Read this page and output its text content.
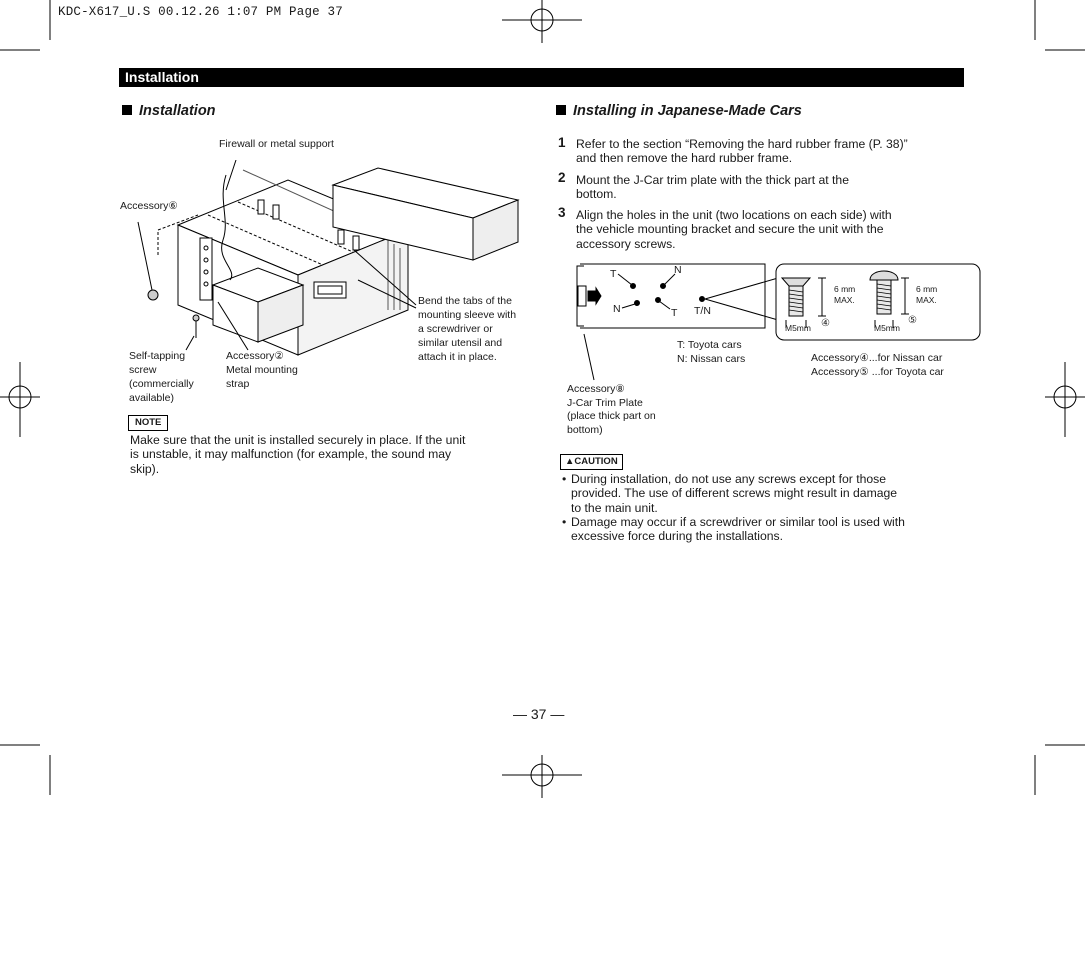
KDC-X617_U.S 00.12.26 1:07 PM Page 37
Installation
Installation
Firewall or metal support
Accessory⑥
Bend the tabs of the
mounting sleeve with
a screwdriver or
similar utensil and
attach it in place.
Self-tapping
screw
(commercially
available)
Accessory②
Metal mounting
strap
NOTE
Make sure that the unit is installed securely in place. If the unit
is unstable, it may malfunction (for example, the sound may
skip).
Installing in Japanese-Made Cars
1 Refer to the section “Removing the hard rubber frame (P. 38)”
and then remove the hard rubber frame.
2 Mount the J-Car trim plate with the thick part at the
bottom.
3 Align the holes in the unit (two locations on each side) with
the vehicle mounting bracket and secure the unit with the
accessory screws.
T	N
N	T T/N
6 mm
MAX.
M5mm ④
6 mm
MAX.
M5mm
⑤
T: Toyota cars
N: Nissan cars	Accessory④...for Nissan car
Accessory⑤ ...for Toyota car
Accessory⑧
J-Car Trim Plate
(place thick part on
bottom)
▲CAUTION
• During installation, do not use any screws except for those
provided. The use of different screws might result in damage
to the main unit.
• Damage may occur if a screwdriver or similar tool is used with
excessive force during the installations.
— 37 —
